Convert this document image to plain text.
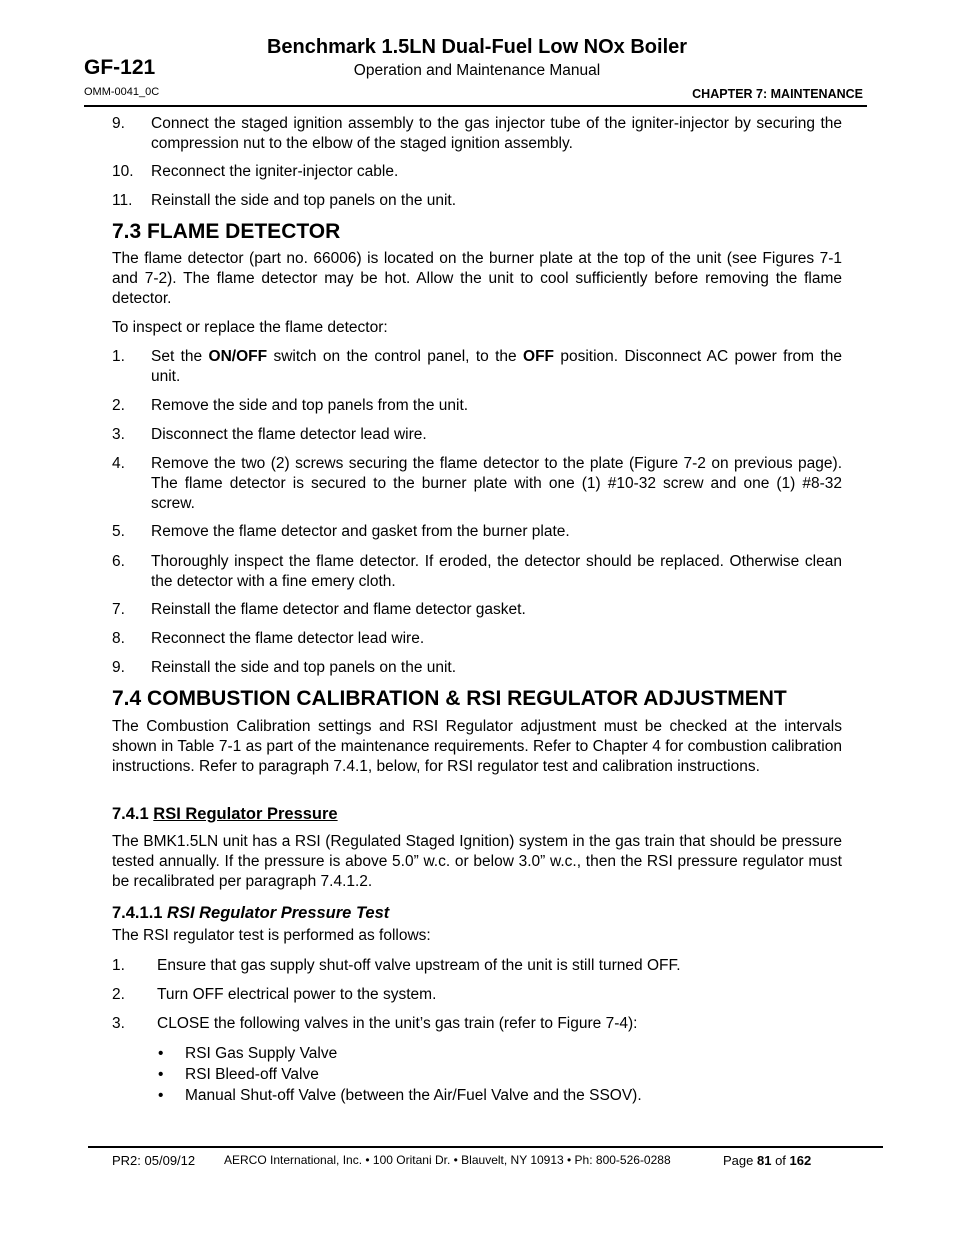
Benchmark 1.5LN Dual-Fuel Low NOx Boiler
Operation and Maintenance Manual
GF-121
OMM-0041_0C	CHAPTER 7: MAINTENANCE
9.	Connect the staged ignition assembly to the gas injector tube of the igniter-injector by securing the compression nut to the elbow of the staged ignition assembly.
10.	Reconnect the igniter-injector cable.
11.	Reinstall the side and top panels on the unit.
7.3 FLAME DETECTOR
The flame detector (part no. 66006) is located on the burner plate at the top of the unit (see Figures 7-1 and 7-2). The flame detector may be hot. Allow the unit to cool sufficiently before removing the flame detector.
To inspect or replace the flame detector:
1.	Set the ON/OFF switch on the control panel, to the OFF position. Disconnect AC power from the unit.
2.	Remove the side and top panels from the unit.
3.	Disconnect the flame detector lead wire.
4.	Remove the two (2) screws securing the flame detector to the plate (Figure 7-2 on previous page). The flame detector is secured to the burner plate with one (1) #10-32 screw and one (1) #8-32 screw.
5.	Remove the flame detector and gasket from the burner plate.
6.	Thoroughly inspect the flame detector. If eroded, the detector should be replaced. Otherwise clean the detector with a fine emery cloth.
7.	Reinstall the flame detector and flame detector gasket.
8.	Reconnect the flame detector lead wire.
9.	Reinstall the side and top panels on the unit.
7.4 COMBUSTION CALIBRATION & RSI REGULATOR ADJUSTMENT
The Combustion Calibration settings and RSI Regulator adjustment must be checked at the intervals shown in Table 7-1 as part of the maintenance requirements. Refer to Chapter 4 for combustion calibration instructions. Refer to paragraph 7.4.1, below, for RSI regulator test and calibration instructions.
7.4.1 RSI Regulator Pressure
The BMK1.5LN unit has a RSI (Regulated Staged Ignition) system in the gas train that should be pressure tested annually. If the pressure is above 5.0” w.c. or below 3.0” w.c., then the RSI pressure regulator must be recalibrated per paragraph 7.4.1.2.
7.4.1.1 RSI Regulator Pressure Test
The RSI regulator test is performed as follows:
1.	Ensure that gas supply shut-off valve upstream of the unit is still turned OFF.
2.	Turn OFF electrical power to the system.
3.	CLOSE the following valves in the unit’s gas train (refer to Figure 7-4):
• RSI Gas Supply Valve
• RSI Bleed-off Valve
• Manual Shut-off Valve (between the Air/Fuel Valve and the SSOV).
PR2: 05/09/12 AERCO International, Inc. • 100 Oritani Dr. • Blauvelt, NY 10913 • Ph: 800-526-0288	Page 81 of 162
